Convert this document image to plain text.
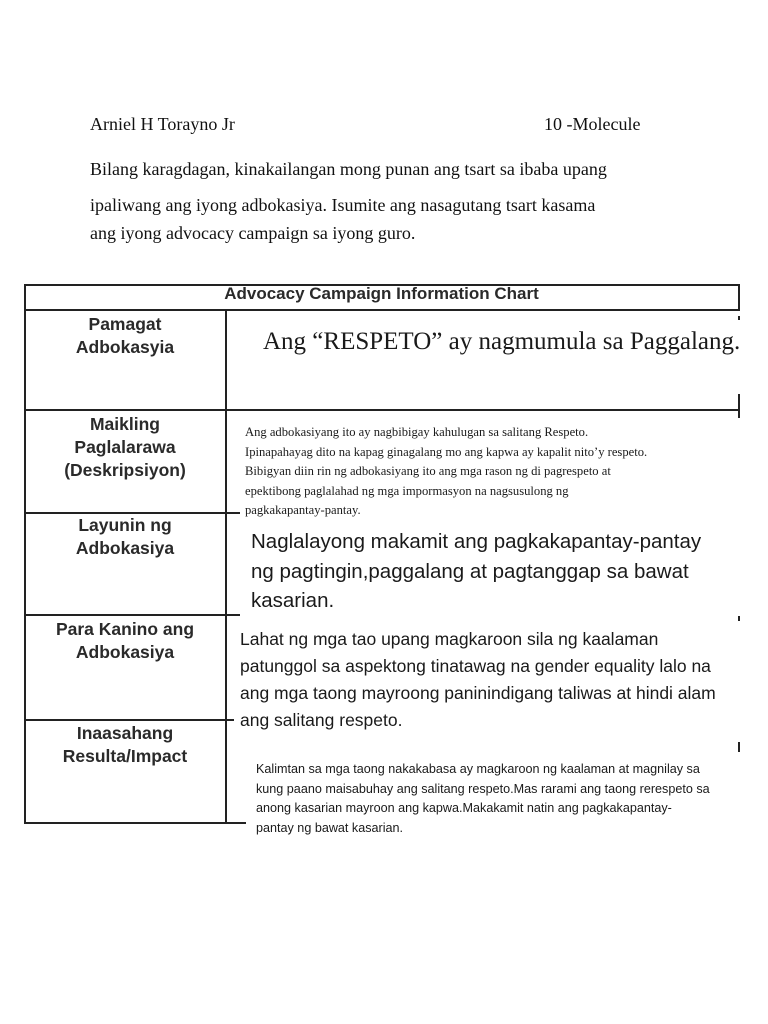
Arniel H Torayno Jr	10 -Molecule
Bilang karagdagan, kinakailangan mong punan ang tsart sa ibaba upang
ipaliwang ang iyong adbokasiya. Isumite ang nasagutang tsart kasama
ang iyong advocacy campaign sa iyong guro.
Advocacy Campaign Information Chart
Pamagat
Adbokasyia
Maikling
Paglalarawa
(Deskripsiyon)
Layunin ng
Adbokasiya
Para Kanino ang
Adbokasiya
Inaasahang
Resulta/Impact
Ang “RESPETO” ay nagmumula sa Paggalang.
Ang adbokasiyang ito ay nagbibigay kahulugan sa salitang Respeto.
Ipinapahayag dito na kapag ginagalang mo ang kapwa ay kapalit nito’y respeto.
Bibigyan diin rin ng adbokasiyang ito ang mga rason ng di pagrespeto at
epektibong paglalahad ng mga impormasyon na nagsusulong ng
pagkakapantay-pantay.
Naglalayong makamit ang pagkakapantay-pantay
ng pagtingin,paggalang at pagtanggap sa bawat
kasarian.
Lahat ng mga tao upang magkaroon sila ng kaalaman
patunggol sa aspektong tinatawag na gender equality lalo na
ang mga taong mayroong paninindigang taliwas at hindi alam
ang salitang respeto.
Kalimtan sa mga taong nakakabasa ay magkaroon ng kaalaman at magnilay sa
kung paano maisabuhay ang salitang respeto.Mas rarami ang taong rerespeto sa
anong kasarian mayroon ang kapwa.Makakamit natin ang pagkakapantay-
pantay ng bawat kasarian.
